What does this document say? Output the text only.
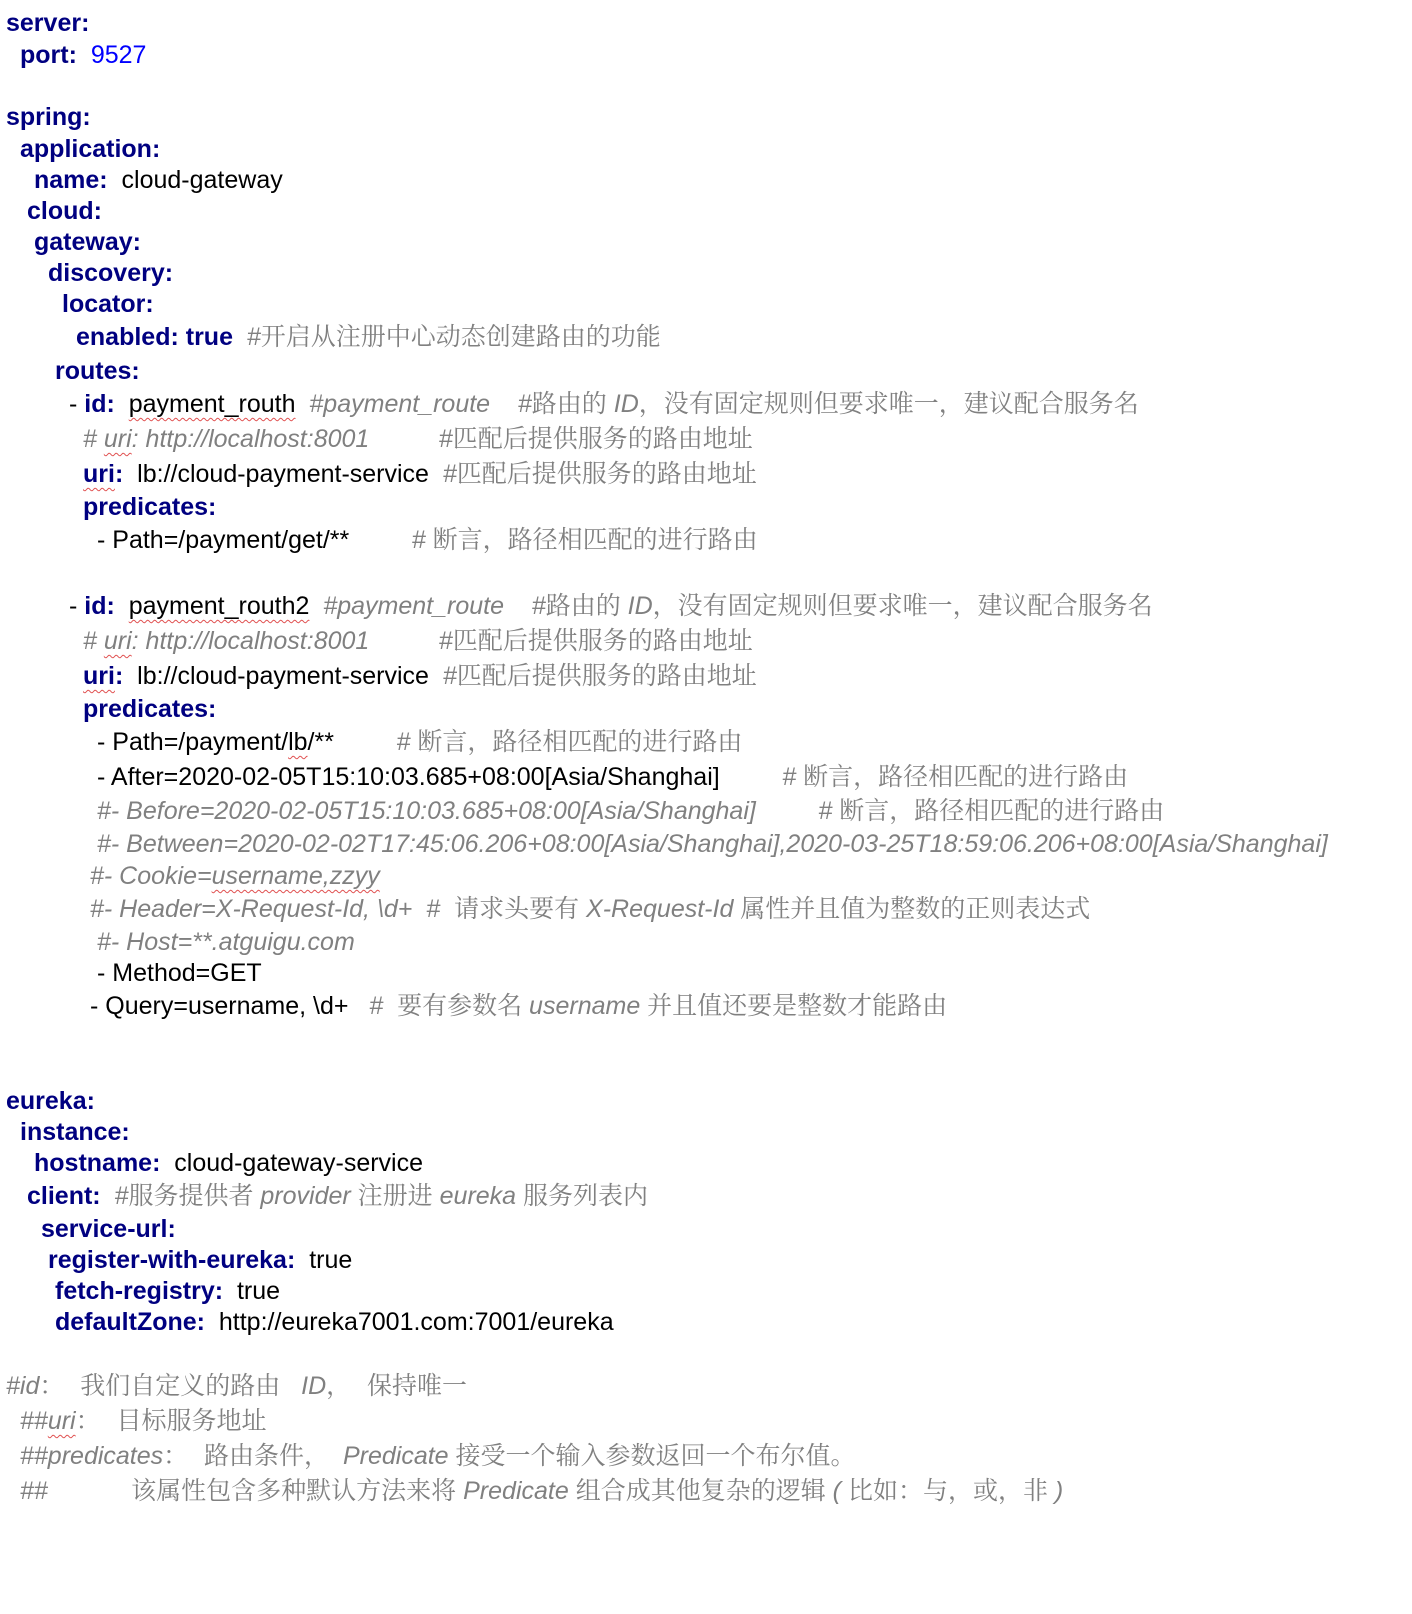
server:
port: 9527
spring:
application:
name:  cloud-gateway
cloud:
gateway:
discovery:
locator:
enabled: true #开启从注册中心动态创建路由的功能
routes:
- id: payment_routh  #payment_route    #路由的 ID，没有固定规则但要求唯一，建议配合服务名
# uri: http://localhost:8001          #匹配后提供服务的路由地址
uri:  lb://cloud-payment-service  #匹配后提供服务的路由地址
predicates:
- Path=/payment/get/**         # 断言，路径相匹配的进行路由
- id: payment_routh2  #payment_route    #路由的 ID，没有固定规则但要求唯一，建议配合服务名
# uri: http://localhost:8001          #匹配后提供服务的路由地址
uri:  lb://cloud-payment-service  #匹配后提供服务的路由地址
predicates:
- Path=/payment/lb/**         # 断言，路径相匹配的进行路由
- After=2020-02-05T15:10:03.685+08:00[Asia/Shanghai]         # 断言，路径相匹配的进行路由
#- Before=2020-02-05T15:10:03.685+08:00[Asia/Shanghai]         # 断言，路径相匹配的进行路由
#- Between=2020-02-02T17:45:06.206+08:00[Asia/Shanghai],2020-03-25T18:59:06.206+08:00[Asia/Shanghai]
#- Cookie=username,zzyy
#- Header=X-Request-Id, \d+  #  请求头要有 X-Request-Id 属性并且值为整数的正则表达式
#- Host=**.atguigu.com
- Method=GET
- Query=username, \d+   #  要有参数名 username 并且值还要是整数才能路由
eureka:
instance:
hostname:  cloud-gateway-service
client: #服务提供者 provider 注册进 eureka 服务列表内
service-url:
register-with-eureka:  true
fetch-registry:  true
defaultZone:  http://eureka7001.com:7001/eureka
#id：  我们自定义的路由   ID，  保持唯一
##uri：  目标服务地址
##predicates：  路由条件，  Predicate 接受一个输入参数返回一个布尔值。
##            该属性包含多种默认方法来将 Predicate 组合成其他复杂的逻辑 ( 比如：与，或，非 )
